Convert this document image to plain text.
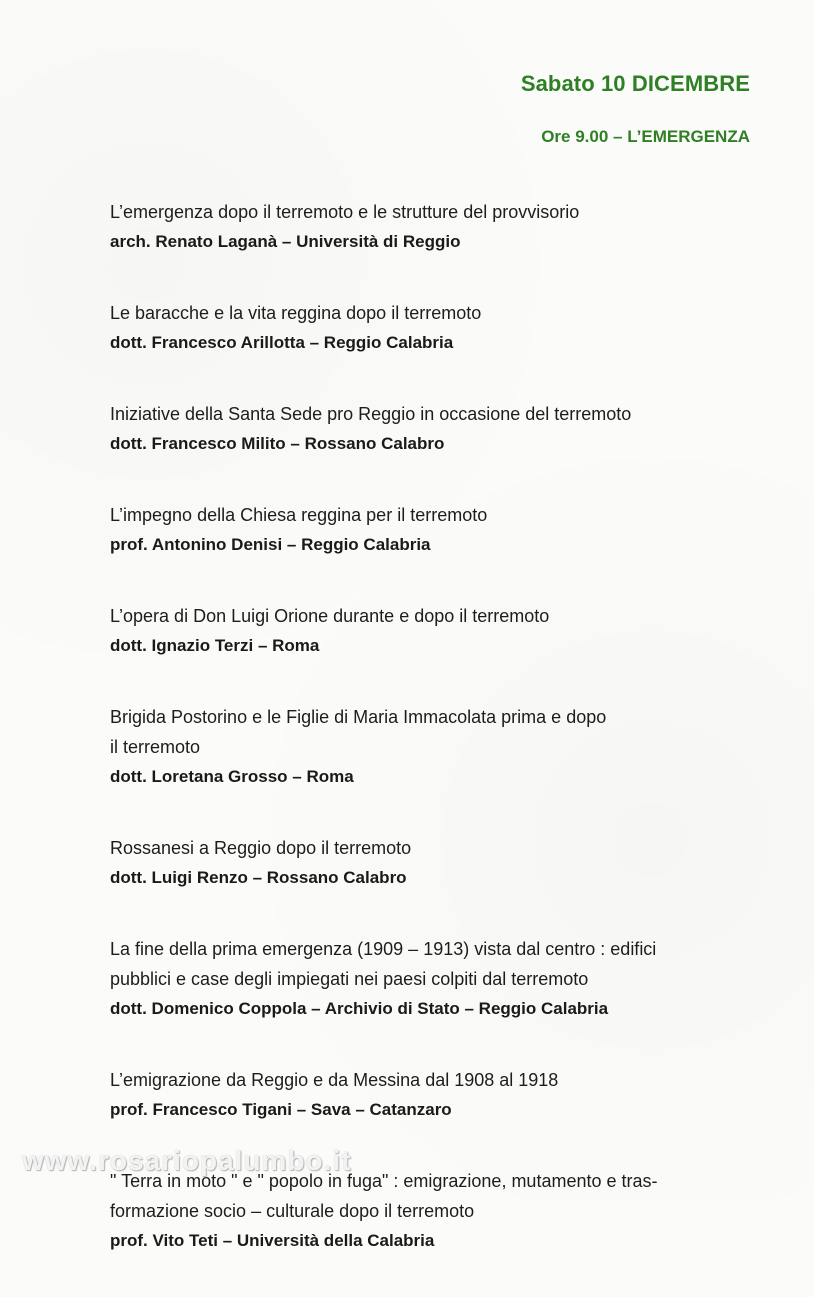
Sabato 10 DICEMBRE
Ore 9.00 – L’EMERGENZA
L’emergenza dopo il terremoto e le strutture del provvisorio
arch. Renato Laganà – Università di Reggio
Le baracche e la vita reggina dopo il terremoto
dott. Francesco Arillotta – Reggio Calabria
Iniziative della Santa Sede pro Reggio in occasione del terremoto
dott. Francesco Milito – Rossano Calabro
L’impegno della Chiesa reggina per il terremoto
prof. Antonino Denisi – Reggio Calabria
L’opera di Don Luigi Orione durante e dopo il terremoto
dott. Ignazio Terzi – Roma
Brigida Postorino e le Figlie di Maria Immacolata prima e dopo
il terremoto
dott. Loretana Grosso – Roma
Rossanesi a Reggio dopo il terremoto
dott. Luigi Renzo – Rossano Calabro
La fine della prima emergenza (1909 – 1913) vista dal centro : edifici
pubblici e case degli impiegati nei paesi colpiti dal terremoto
dott. Domenico Coppola – Archivio di Stato – Reggio Calabria
L’emigrazione da Reggio e da Messina dal 1908 al 1918
prof. Francesco Tigani – Sava – Catanzaro
" Terra in moto " e " popolo in fuga" : emigrazione, mutamento e tras-
formazione socio – culturale dopo il terremoto
prof. Vito Teti – Università della Calabria
www.rosariopalumbo.it
